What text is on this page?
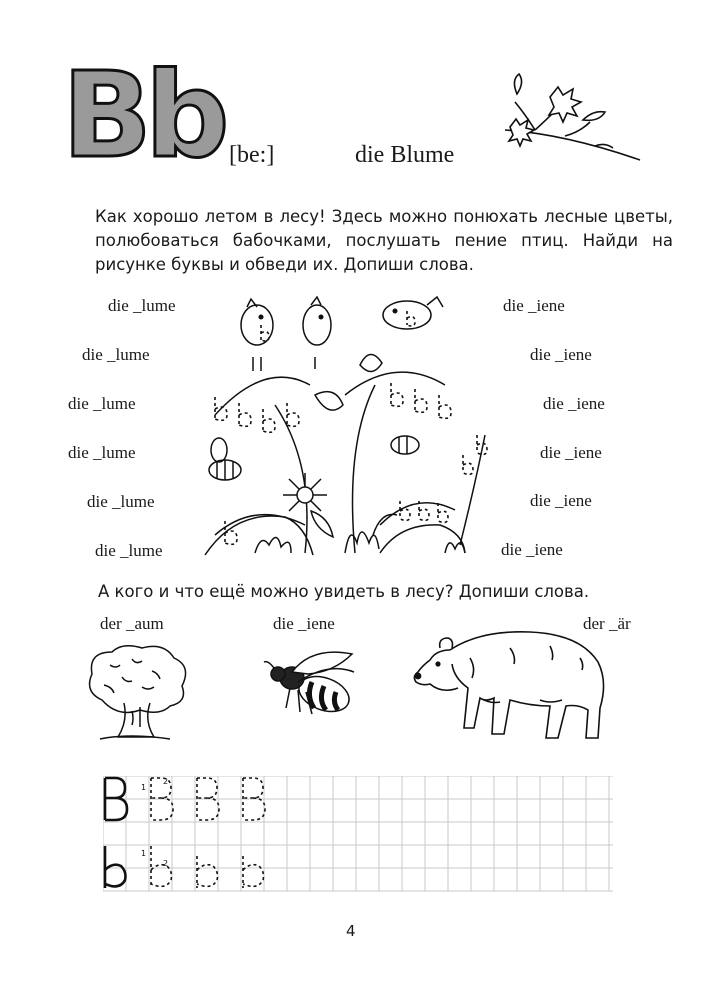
B
b [be:]	die Blume
Как хорошо летом в лесу! Здесь можно понюхать лесные цветы, полюбоваться бабочками, послушать пение птиц. Найди на рисунке буквы и обведи их. Допиши слова.
die _lume
die _lume
die _lume
die _lume
die _lume
die _lume
die _iene
die _iene
die _iene
die _iene
die _iene
die _iene
А кого и что ещё можно увидеть в лесу? Допиши слова.
der _aum	die _iene	der _är
1
2
1
2
4
